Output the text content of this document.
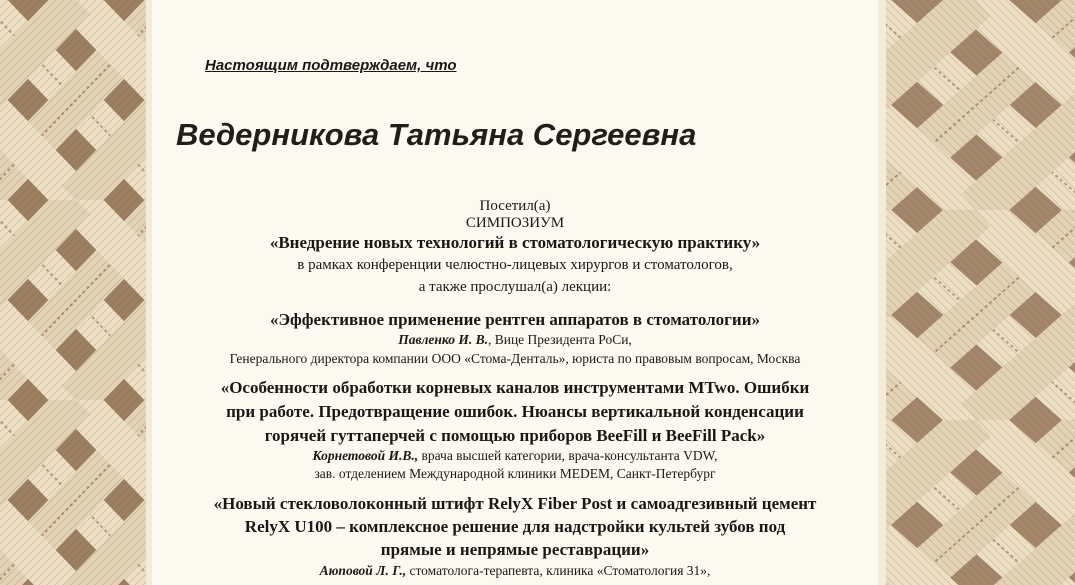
Настоящим подтверждаем, что
Ведерникова Татьяна Сергеевна
Посетил(а)
СИМПОЗИУМ
«Внедрение новых технологий в стоматологическую практику»
в рамках конференции челюстно-лицевых хирургов и стоматологов,
а также прослушал(а) лекции:
«Эффективное применение рентген аппаратов в стоматологии»
Павленко И. В., Вице Президента РоСи,
Генерального директора компании ООО «Стома-Денталь», юриста по правовым вопросам, Москва
«Особенности обработки корневых каналов инструментами MTwo. Ошибки
при работе. Предотвращение ошибок. Нюансы вертикальной конденсации
горячей гуттаперчей с помощью приборов BeeFill и BeeFill Pack»
Корнетовой И.В., врача высшей категории, врача-консультанта VDW,
зав. отделением Международной клиники MEDEM, Санкт-Петербург
«Новый стекловолоконный штифт RelyX Fiber Post и самоадгезивный цемент
RelyX U100 – комплексное решение для надстройки культей зубов под
прямые и непрямые реставрации»
Аюповой Л. Г., стоматолога-терапевта, клиника «Стоматология 31»,
